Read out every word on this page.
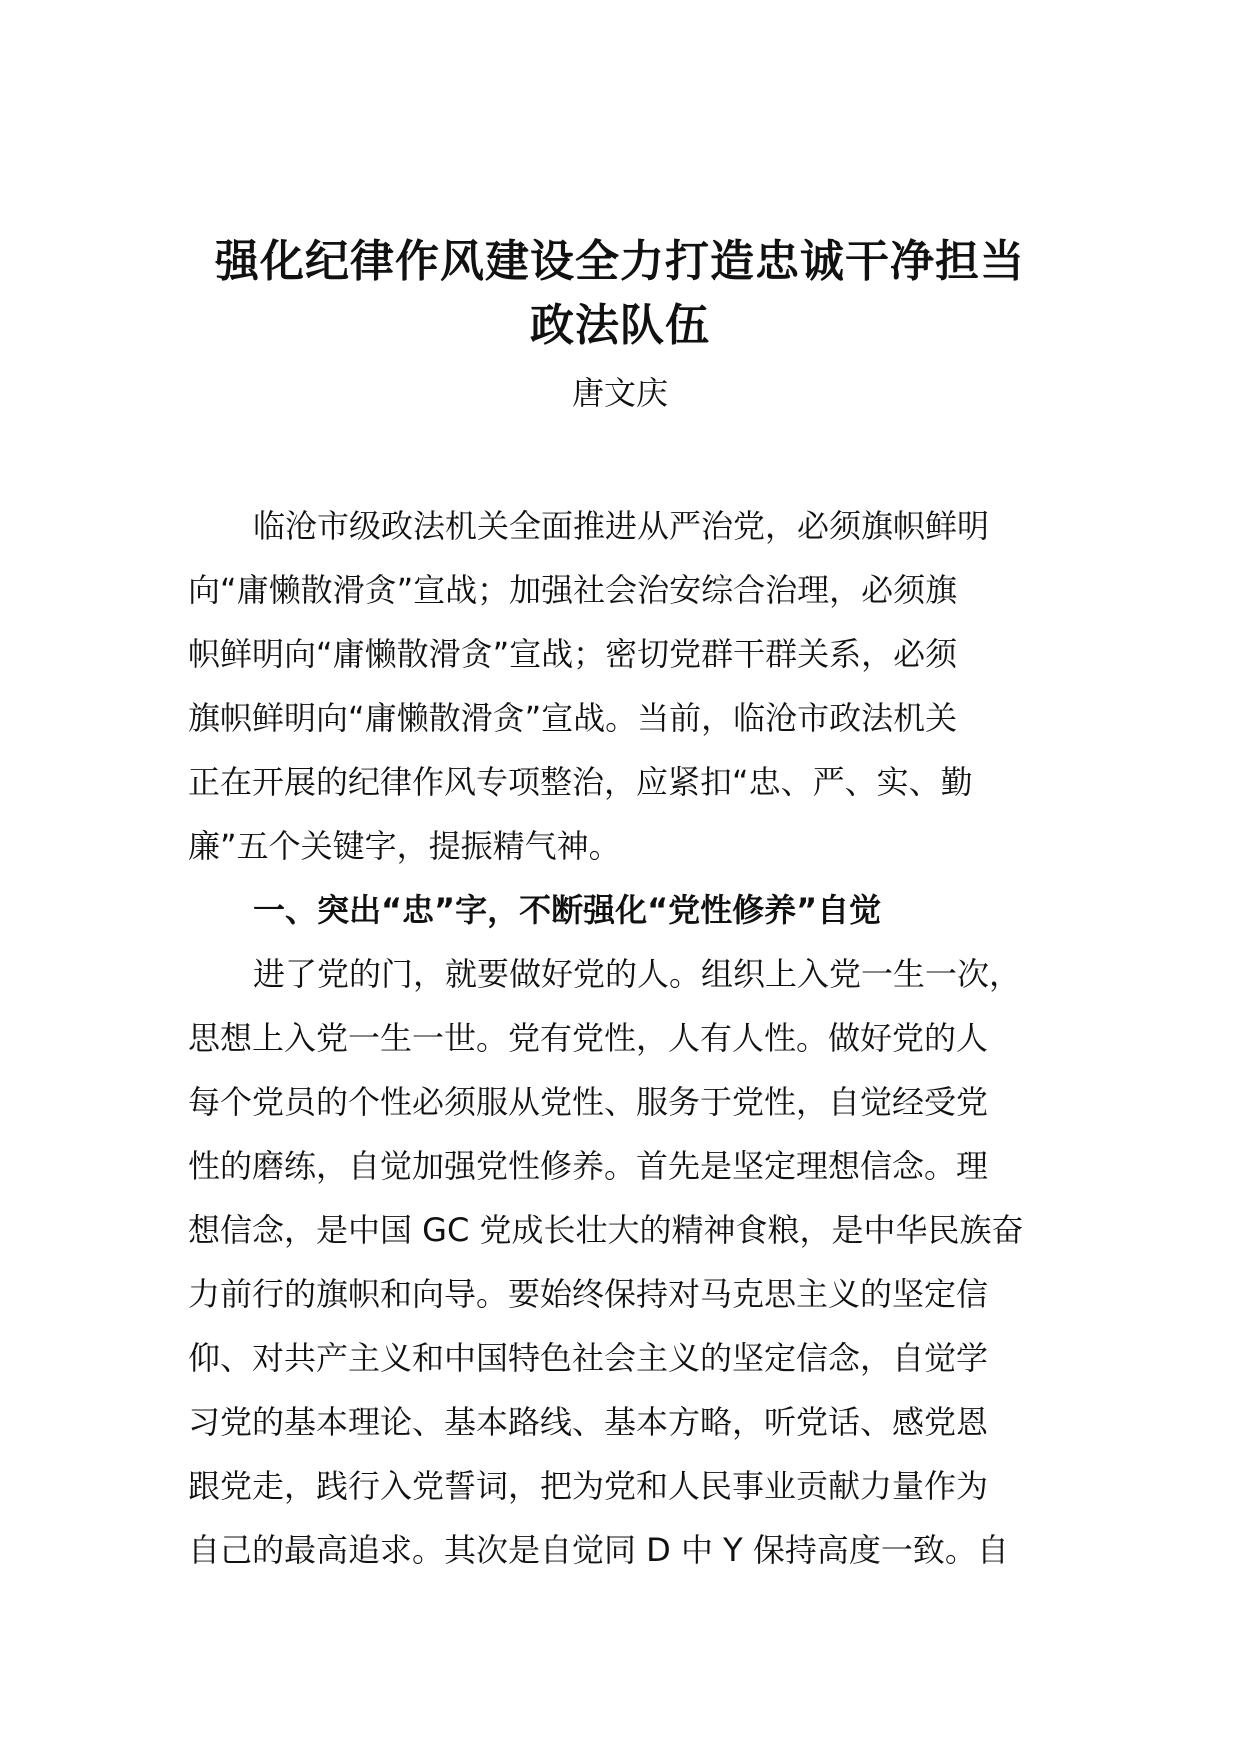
强化纪律作风建设全力打造忠诚干净担当
政法队伍

唐文庆

临沧市级政法机关全面推进从严治党，必须旗帜鲜明
向“庸懒散滑贪”宣战；加强社会治安综合治理，必须旗
帜鲜明向“庸懒散滑贪”宣战；密切党群干群关系，必须
旗帜鲜明向“庸懒散滑贪”宣战。当前，临沧市政法机关
正在开展的纪律作风专项整治，应紧扣“忠、严、实、勤
廉”五个关键字，提振精气神。
一、突出“忠”字，不断强化“党性修养”自觉
进了党的门，就要做好党的人。组织上入党一生一次，
思想上入党一生一世。党有党性，人有人性。做好党的人
每个党员的个性必须服从党性、服务于党性，自觉经受党
性的磨练，自觉加强党性修养。首先是坚定理想信念。理
想信念，是中国 GC 党成长壮大的精神食粮，是中华民族奋
力前行的旗帜和向导。要始终保持对马克思主义的坚定信
仰、对共产主义和中国特色社会主义的坚定信念，自觉学
习党的基本理论、基本路线、基本方略，听党话、感党恩
跟党走，践行入党誓词，把为党和人民事业贡献力量作为
自己的最高追求。其次是自觉同 D 中 Y 保持高度一致。自
